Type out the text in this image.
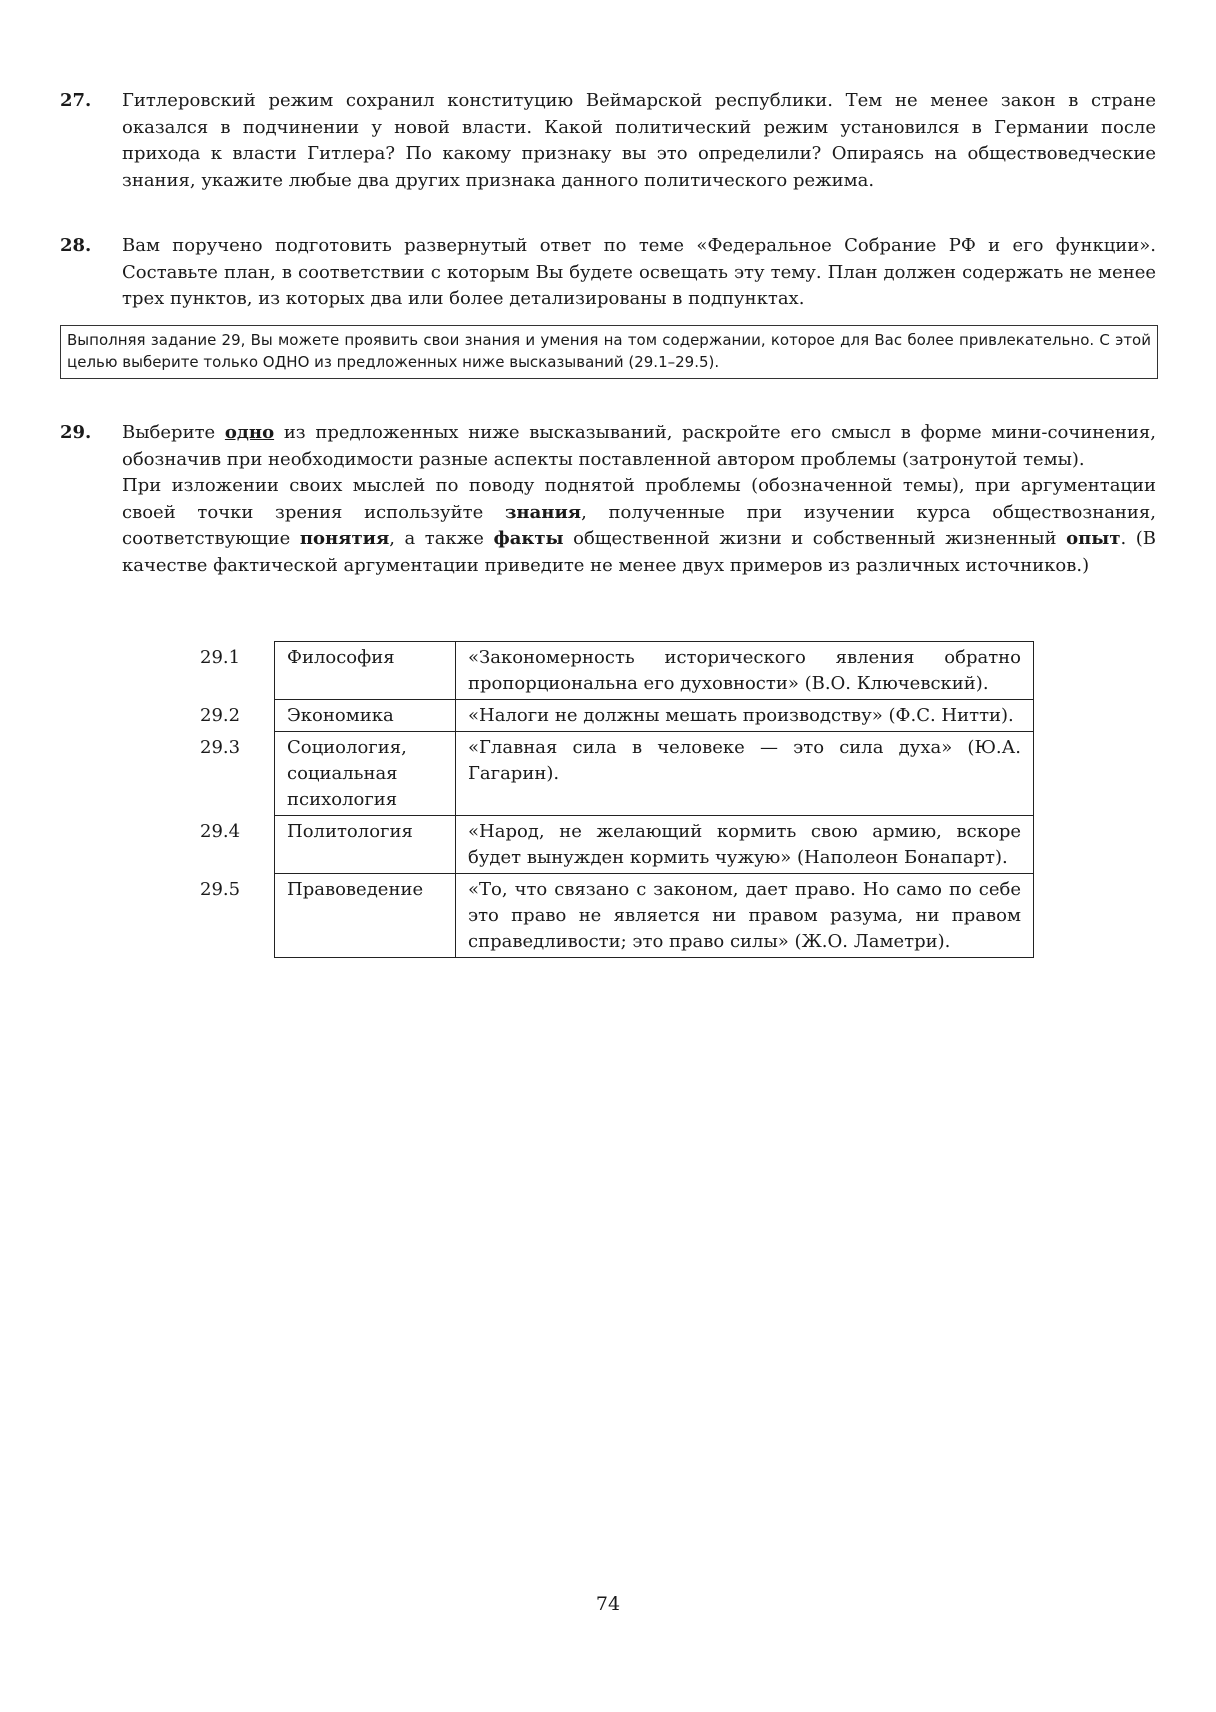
27. Гитлеровский режим сохранил конституцию Веймарской республики. Тем не менее закон в стране оказался в подчинении у новой власти. Какой политический режим установился в Германии после прихода к власти Гитлера? По какому признаку вы это определили? Опираясь на обществоведческие знания, укажите любые два других признака данного политического режима.

28. Вам поручено подготовить развернутый ответ по теме «Федеральное Собрание РФ и его функции». Составьте план, в соответствии с которым Вы будете освещать эту тему. План должен содержать не менее трех пунктов, из которых два или более детализированы в подпунктах.

Выполняя задание 29, Вы можете проявить свои знания и умения на том содержании, которое для Вас более привлекательно. С этой целью выберите только ОДНО из предложенных ниже высказываний (29.1–29.5).
29. Выберите одно из предложенных ниже высказываний, раскройте его смысл в форме мини-сочинения, обозначив при необходимости разные аспекты поставленной автором проблемы (затронутой темы).

При изложении своих мыслей по поводу поднятой проблемы (обозначенной темы), при аргументации своей точки зрения используйте знания, полученные при изучении курса обществознания, соответствующие понятия, а также факты общественной жизни и собственный жизненный опыт. (В качестве фактической аргументации приведите не менее двух примеров из различных источников.)

29.1	Философия	«Закономерность исторического явления обратно пропорциональна его духовности» (В.О. Ключевский).
29.2	Экономика	«Налоги не должны мешать производству» (Ф.С. Нитти).
29.3	Социология, социальная психология	«Главная сила в человеке — это сила духа» (Ю.А. Гагарин).
29.4	Политология	«Народ, не желающий кормить свою армию, вскоре будет вынужден кормить чужую» (Наполеон Бонапарт).
29.5	Правоведение	«То, что связано с законом, дает право. Но само по себе это право не является ни правом разума, ни правом справедливости; это право силы» (Ж.О. Ламетри).
74
